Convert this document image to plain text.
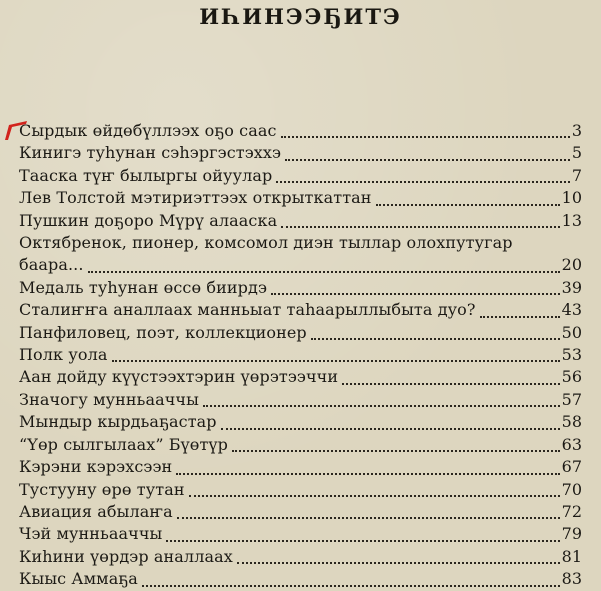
ИҺИНЭЭҔИТЭ
Сырдык өйдөбүллээх оҕо саас	3
Кинигэ туһунан сэһэргэстэххэ	5
Тааска түҥ былыргы ойуулар	7
Лев Толстой мэтириэттээх открыткаттан	10
Пушкин доҕоро Мүрү алааска	13
Октябренок, пионер, комсомол диэн тыллар олохпутугар
баара...	20
Медаль туһунан өссө биирдэ	39
Сталиҥҥа аналлаах манньыат таһаарыллыбыта дуо?	43
Панфиловец, поэт, коллекционер	50
Полк уола	53
Аан дойду күүстээхтэрин үөрэтээччи	56
Значогу мунньааччы	57
Мындыр кырдьаҕастар	58
“Үөр сылгылаах” Бүөтүр	63
Кэрэни кэрэхсээн	67
Тустууну өрө тутан	70
Авиация абылаҥа	72
Чэй мунньааччы	79
Киһини үөрдэр аналлаах	81
Кыыс Аммаҕа	83
